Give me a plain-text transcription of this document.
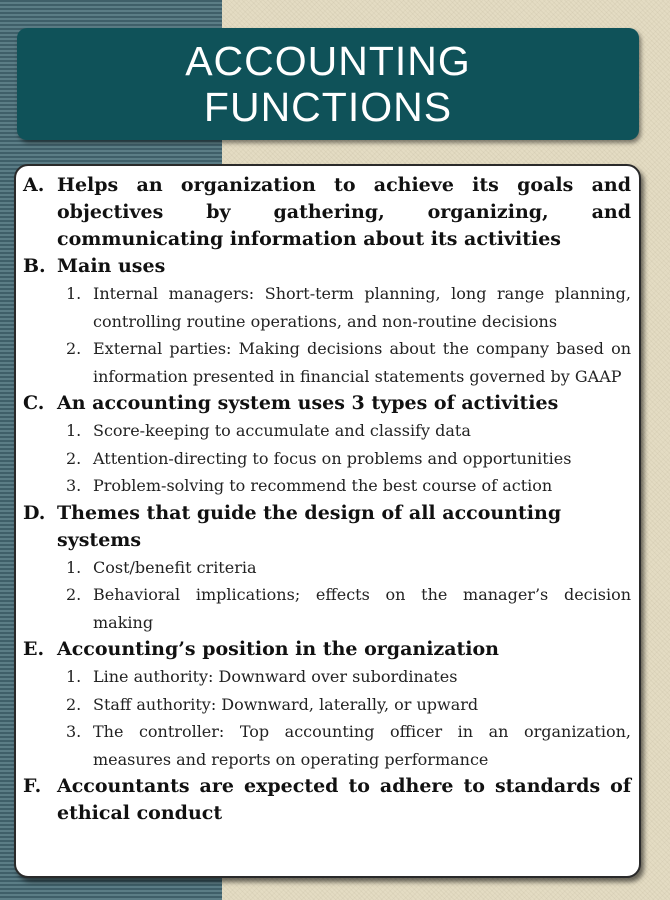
ACCOUNTING
FUNCTIONS
A. Helps an organization to achieve its goals and objectives by gathering, organizing, and communicating information about its activities
B. Main uses
1. Internal managers: Short-term planning, long range planning, controlling routine operations, and non-routine decisions
2. External parties: Making decisions about the company based on information presented in financial statements governed by GAAP
C. An accounting system uses 3 types of activities
1. Score-keeping to accumulate and classify data
2. Attention-directing to focus on problems and opportunities
3. Problem-solving to recommend the best course of action
D. Themes that guide the design of all accounting systems
1. Cost/benefit criteria
2. Behavioral implications; effects on the manager’s decision making
E. Accounting’s position in the organization
1. Line authority: Downward over subordinates
2. Staff authority: Downward, laterally, or upward
3. The controller: Top accounting officer in an organization, measures and reports on operating performance
F. Accountants are expected to adhere to standards of ethical conduct
